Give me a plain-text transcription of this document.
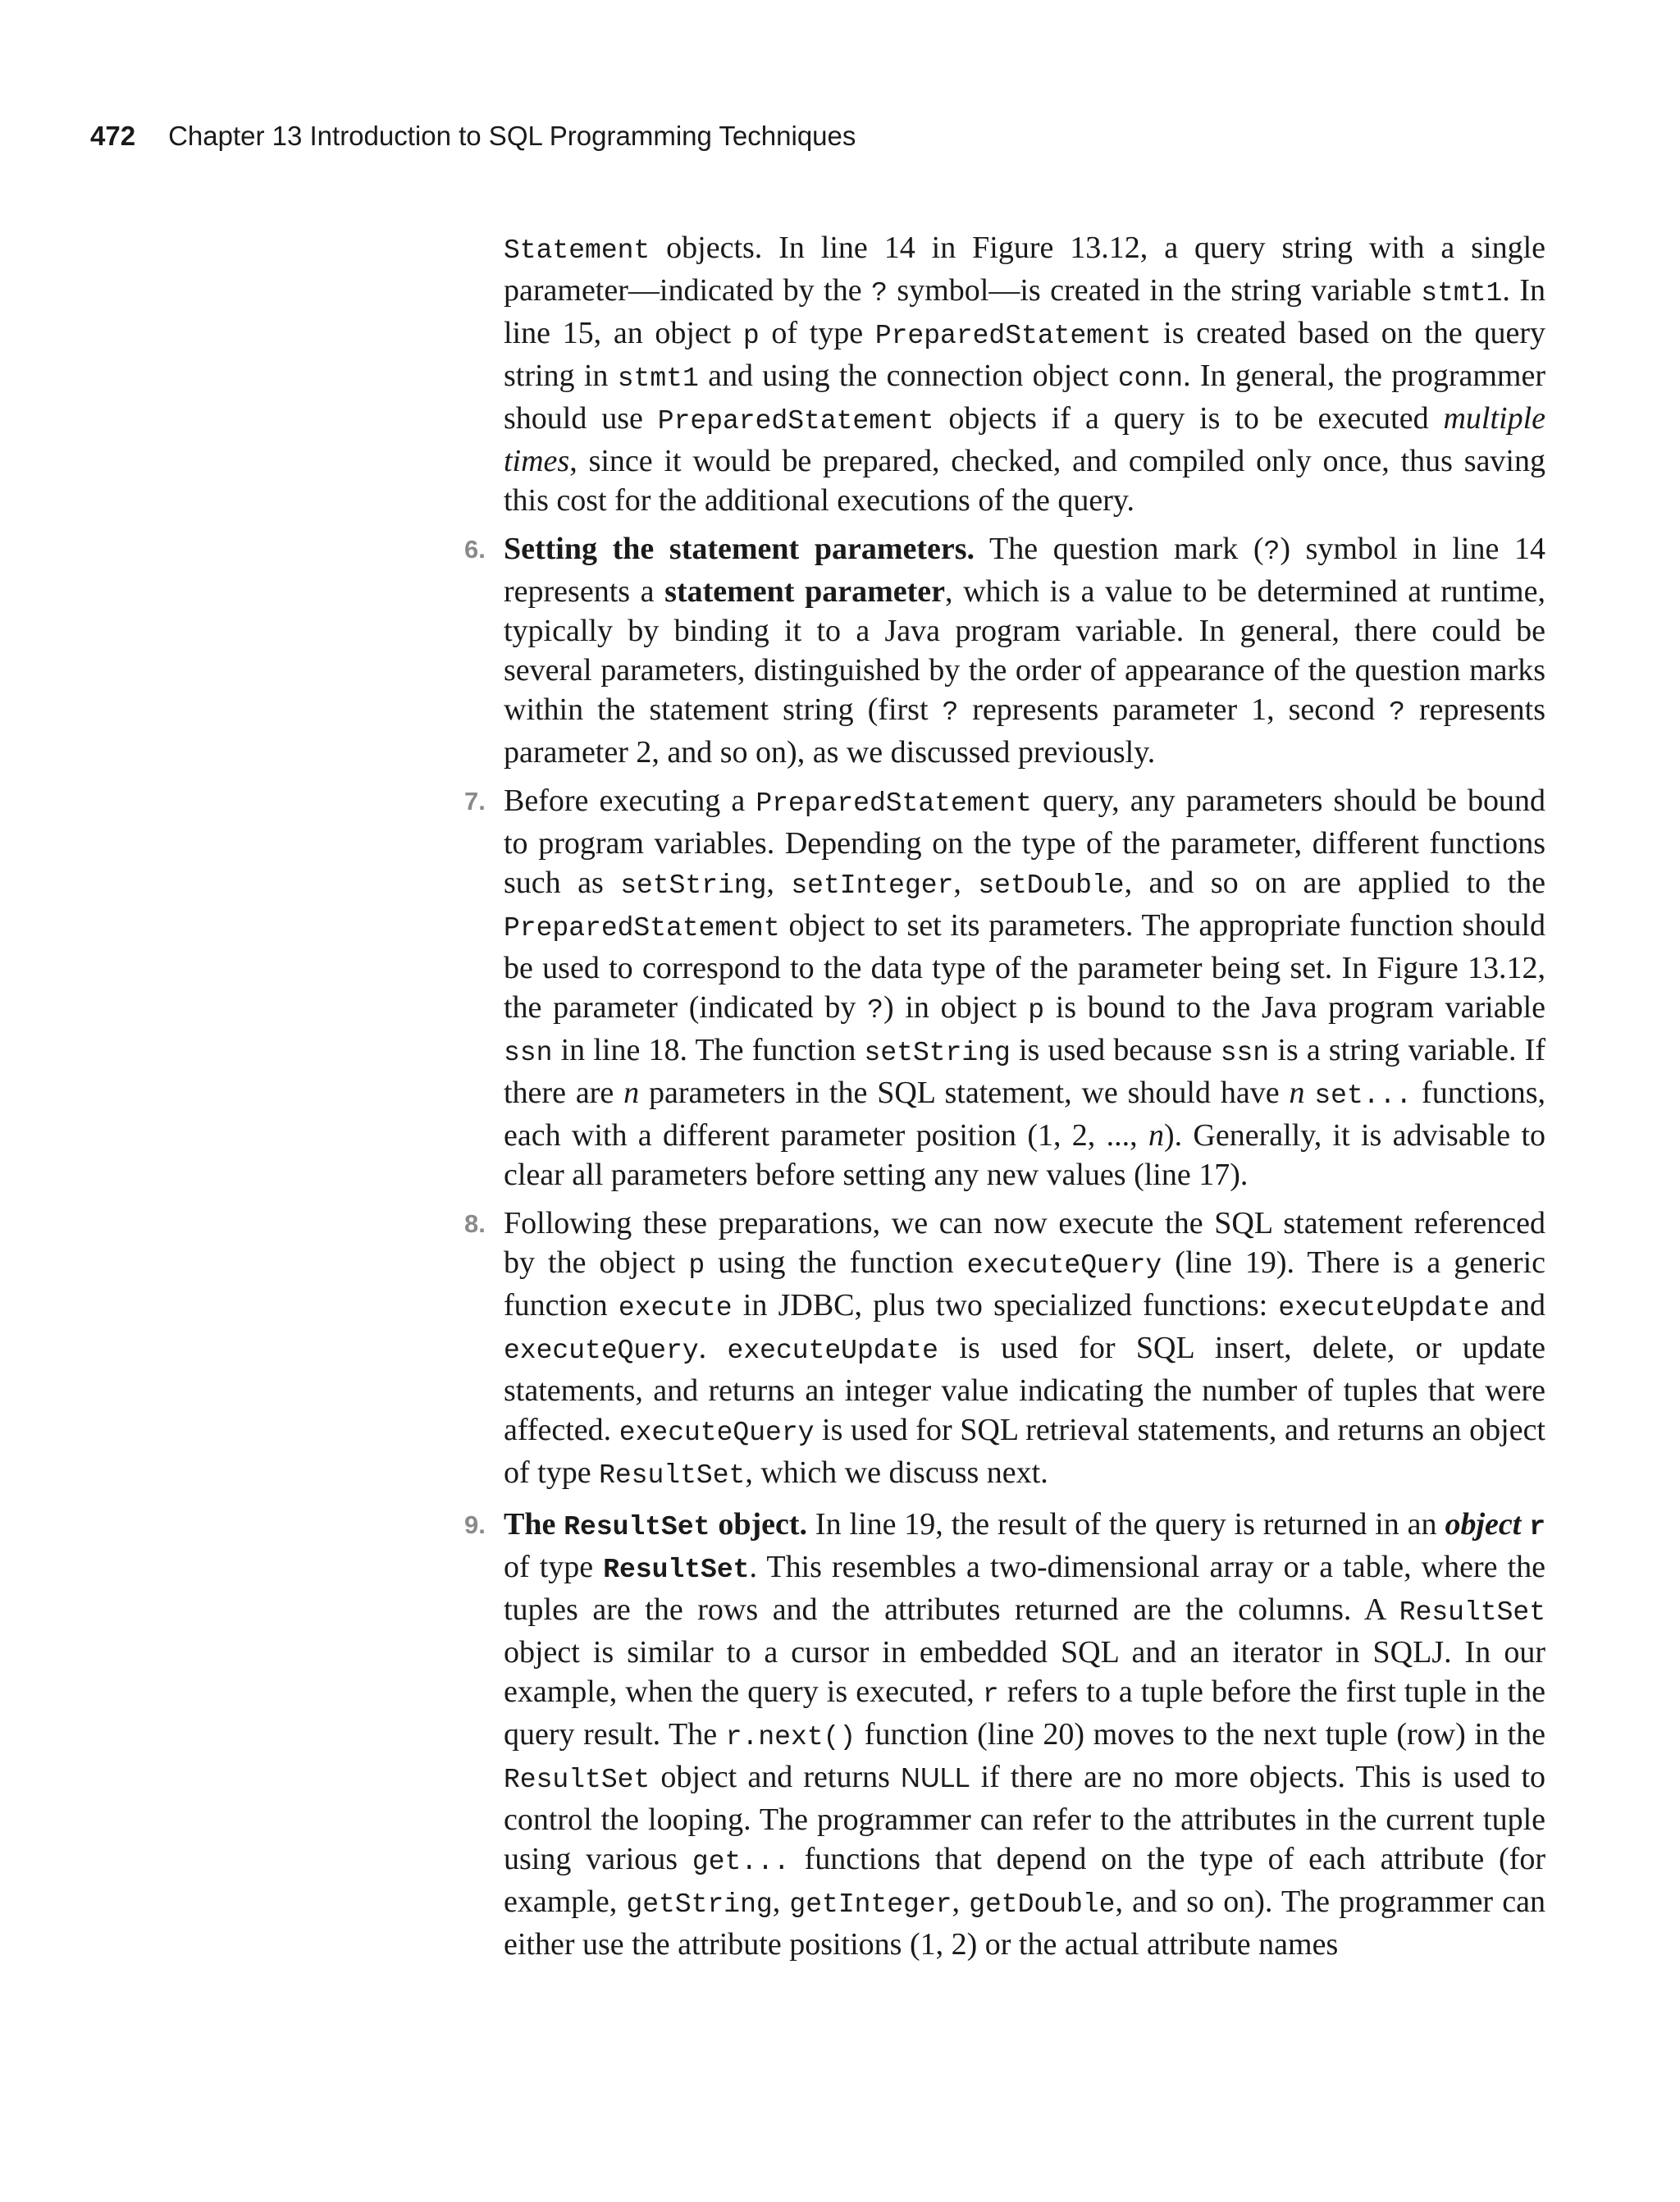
472 Chapter 13 Introduction to SQL Programming Techniques

Statement objects. In line 14 in Figure 13.12, a query string with a single parameter—indicated by the ? symbol—is created in the string variable stmt1. In line 15, an object p of type PreparedStatement is created based on the query string in stmt1 and using the connection object conn. In general, the programmer should use PreparedStatement objects if a query is to be executed multiple times, since it would be prepared, checked, and compiled only once, thus saving this cost for the additional executions of the query.

6. Setting the statement parameters. The question mark (?) symbol in line 14 represents a statement parameter, which is a value to be determined at runtime, typically by binding it to a Java program variable. In general, there could be several parameters, distinguished by the order of appearance of the question marks within the statement string (first ? represents parameter 1, second ? represents parameter 2, and so on), as we discussed previously.

7. Before executing a PreparedStatement query, any parameters should be bound to program variables. Depending on the type of the parameter, different functions such as setString, setInteger, setDouble, and so on are applied to the PreparedStatement object to set its parameters. The appropriate function should be used to correspond to the data type of the parameter being set. In Figure 13.12, the parameter (indicated by ?) in object p is bound to the Java program variable ssn in line 18. The function setString is used because ssn is a string variable. If there are n parameters in the SQL statement, we should have n set... functions, each with a different parameter position (1, 2, ..., n). Generally, it is advisable to clear all parameters before setting any new values (line 17).

8. Following these preparations, we can now execute the SQL statement referenced by the object p using the function executeQuery (line 19). There is a generic function execute in JDBC, plus two specialized functions: executeUpdate and executeQuery. executeUpdate is used for SQL insert, delete, or update statements, and returns an integer value indicating the number of tuples that were affected. executeQuery is used for SQL retrieval statements, and returns an object of type ResultSet, which we discuss next.

9. The ResultSet object. In line 19, the result of the query is returned in an object r of type ResultSet. This resembles a two-dimensional array or a table, where the tuples are the rows and the attributes returned are the columns. A ResultSet object is similar to a cursor in embedded SQL and an iterator in SQLJ. In our example, when the query is executed, r refers to a tuple before the first tuple in the query result. The r.next() function (line 20) moves to the next tuple (row) in the ResultSet object and returns NULL if there are no more objects. This is used to control the looping. The programmer can refer to the attributes in the current tuple using various get... functions that depend on the type of each attribute (for example, getString, getInteger, getDouble, and so on). The programmer can either use the attribute positions (1, 2) or the actual attribute names
